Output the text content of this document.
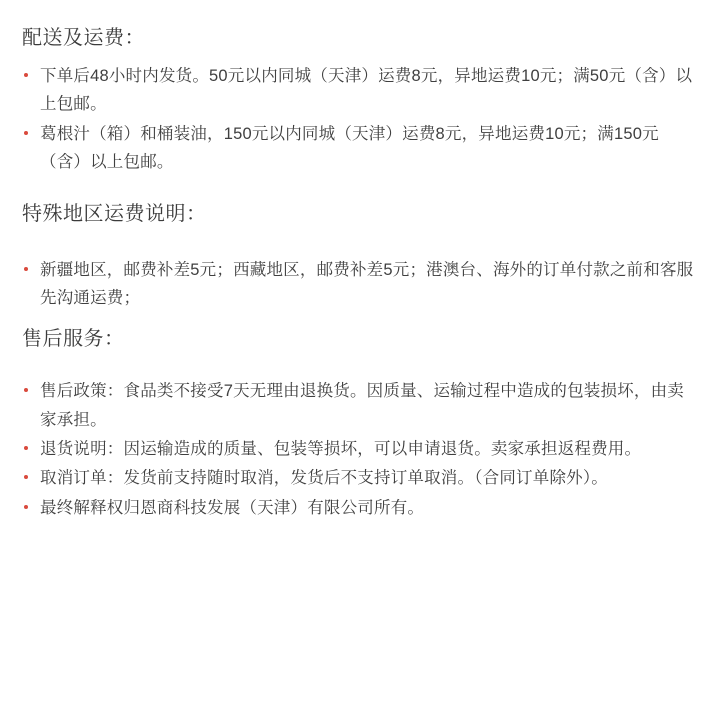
配送及运费：
下单后48小时内发货。50元以内同城（天津）运费8元，异地运费10元；满50元（含）以上包邮。
葛根汁（箱）和桶装油，150元以内同城（天津）运费8元，异地运费10元；满150元（含）以上包邮。
特殊地区运费说明：
新疆地区，邮费补差5元；西藏地区，邮费补差5元；港澳台、海外的订单付款之前和客服先沟通运费；
售后服务：
售后政策：食品类不接受7天无理由退换货。因质量、运输过程中造成的包装损坏，由卖家承担。
退货说明：因运输造成的质量、包装等损坏，可以申请退货。卖家承担返程费用。
取消订单：发货前支持随时取消，发货后不支持订单取消。（合同订单除外）。
最终解释权归恩商科技发展（天津）有限公司所有。
